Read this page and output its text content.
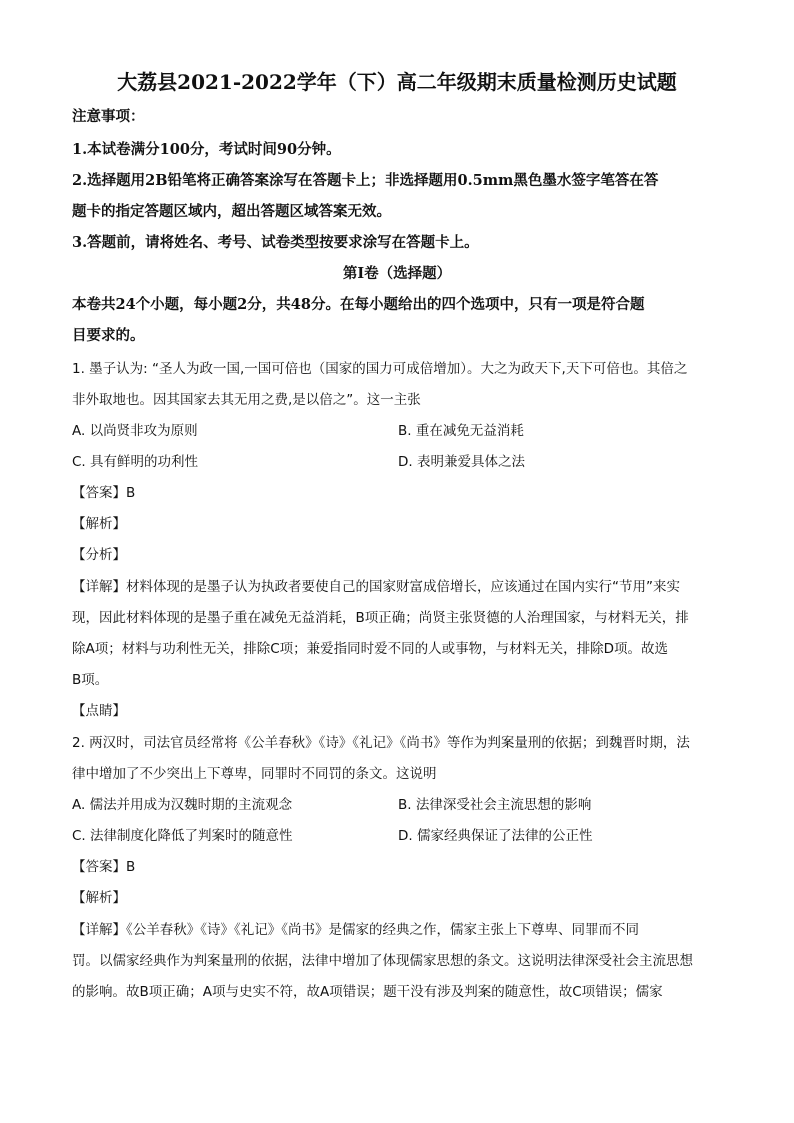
大荔县2021-2022学年（下）高二年级期末质量检测历史试题
注意事项：
1.本试卷满分100分，考试时间90分钟。
2.选择题用2B铅笔将正确答案涂写在答题卡上；非选择题用0.5mm黑色墨水签字笔答在答
题卡的指定答题区域内，超出答题区域答案无效。
3.答题前，请将姓名、考号、试卷类型按要求涂写在答题卡上。
第Ⅰ卷（选择题）
本卷共24个小题，每小题2分，共48分。在每小题给出的四个选项中，只有一项是符合题
目要求的。
1. 墨子认为: “圣人为政一国,一国可倍也（国家的国力可成倍增加）。大之为政天下,天下可倍也。其倍之
非外取地也。因其国家去其无用之费,是以倍之”。这一主张
A. 以尚贤非攻为原则	B. 重在减免无益消耗
C. 具有鲜明的功利性	D. 表明兼爱具体之法
【答案】B
【解析】
【分析】
【详解】材料体现的是墨子认为执政者要使自己的国家财富成倍增长，应该通过在国内实行“节用”来实
现，因此材料体现的是墨子重在减免无益消耗，B项正确；尚贤主张贤德的人治理国家，与材料无关，排
除A项；材料与功利性无关，排除C项；兼爱指同时爱不同的人或事物，与材料无关，排除D项。故选
B项。
【点睛】
2. 两汉时，司法官员经常将《公羊春秋》《诗》《礼记》《尚书》等作为判案量刑的依据；到魏晋时期，法
律中增加了不少突出上下尊卑，同罪时不同罚的条文。这说明
A. 儒法并用成为汉魏时期的主流观念	B. 法律深受社会主流思想的影响
C. 法律制度化降低了判案时的随意性	D. 儒家经典保证了法律的公正性
【答案】B
【解析】
【详解】《公羊春秋》《诗》《礼记》《尚书》是儒家的经典之作，儒家主张上下尊卑、同罪而不同
罚。以儒家经典作为判案量刑的依据，法律中增加了体现儒家思想的条文。这说明法律深受社会主流思想
的影响。故B项正确；A项与史实不符，故A项错误；题干没有涉及判案的随意性，故C项错误；儒家
